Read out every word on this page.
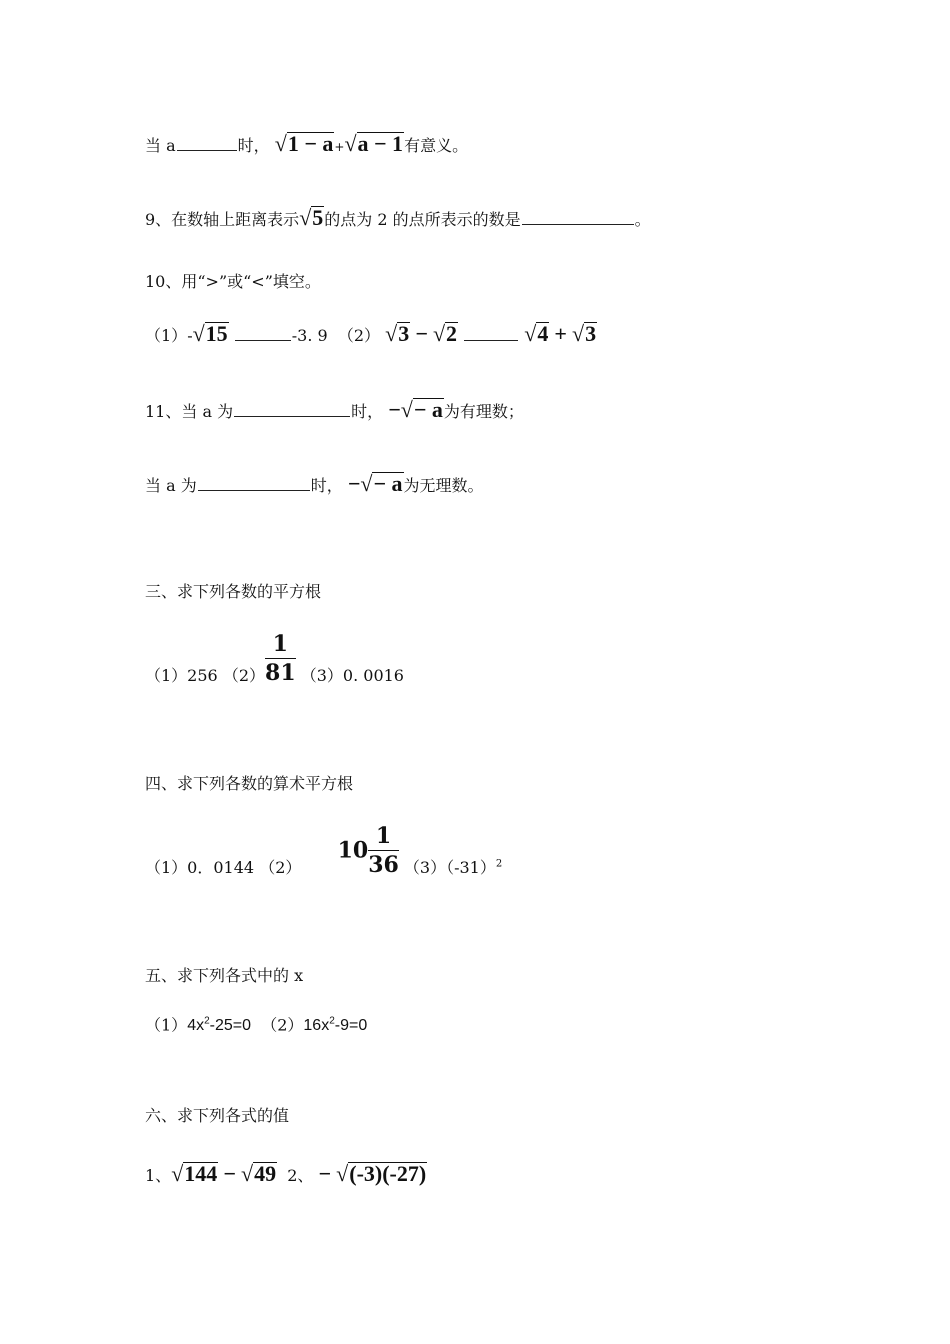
当 a	时， √1 − a+√a − 1有意义。
9、在数轴上距离表示√5的点为 2 的点所表示的数是	。
10、用“>”或“<”填空。
（1）-√15	-3. 9 （2） √3 − √2	√4 + √3
11、当 a 为	时， −√− a为有理数；
当 a 为	时， −√− a为无理数。
三、求下列各数的平方根
（1）256 $(2) \frac{1}{81} (3)0$. 0016
四、求下列各数的算术平方根
（1）0．0144 （2）  $10 \frac{1}{36} (3)(-31)^2$
五、求下列各式中的 x
$(1)4x^2-25=0$ $(2)16x^2-9=0$
六、求下列各式的值
1、√144 − √49 2、 − √(-3)(-27)
